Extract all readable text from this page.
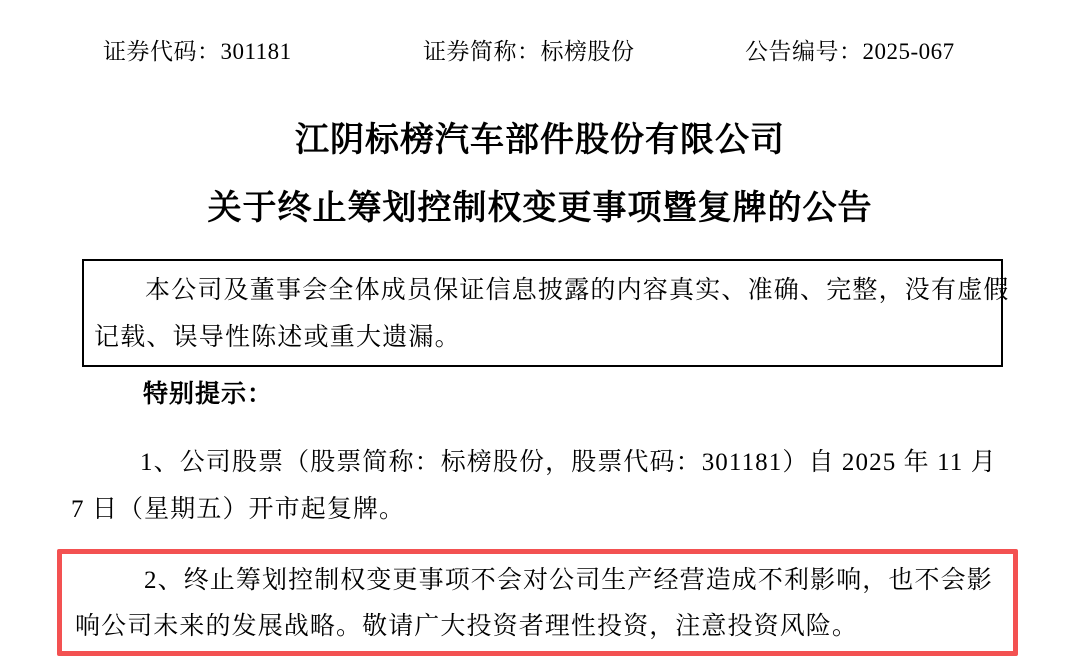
证券代码：301181	证券简称：标榜股份	公告编号：2025-067
江阴标榜汽车部件股份有限公司
关于终止筹划控制权变更事项暨复牌的公告
本公司及董事会全体成员保证信息披露的内容真实、准确、完整，没有虚假
记载、误导性陈述或重大遗漏。
特别提示：
1、公司股票（股票简称：标榜股份，股票代码：301181）自 2025 年 11 月
7 日（星期五）开市起复牌。
2、终止筹划控制权变更事项不会对公司生产经营造成不利影响，也不会影
响公司未来的发展战略。敬请广大投资者理性投资，注意投资风险。
